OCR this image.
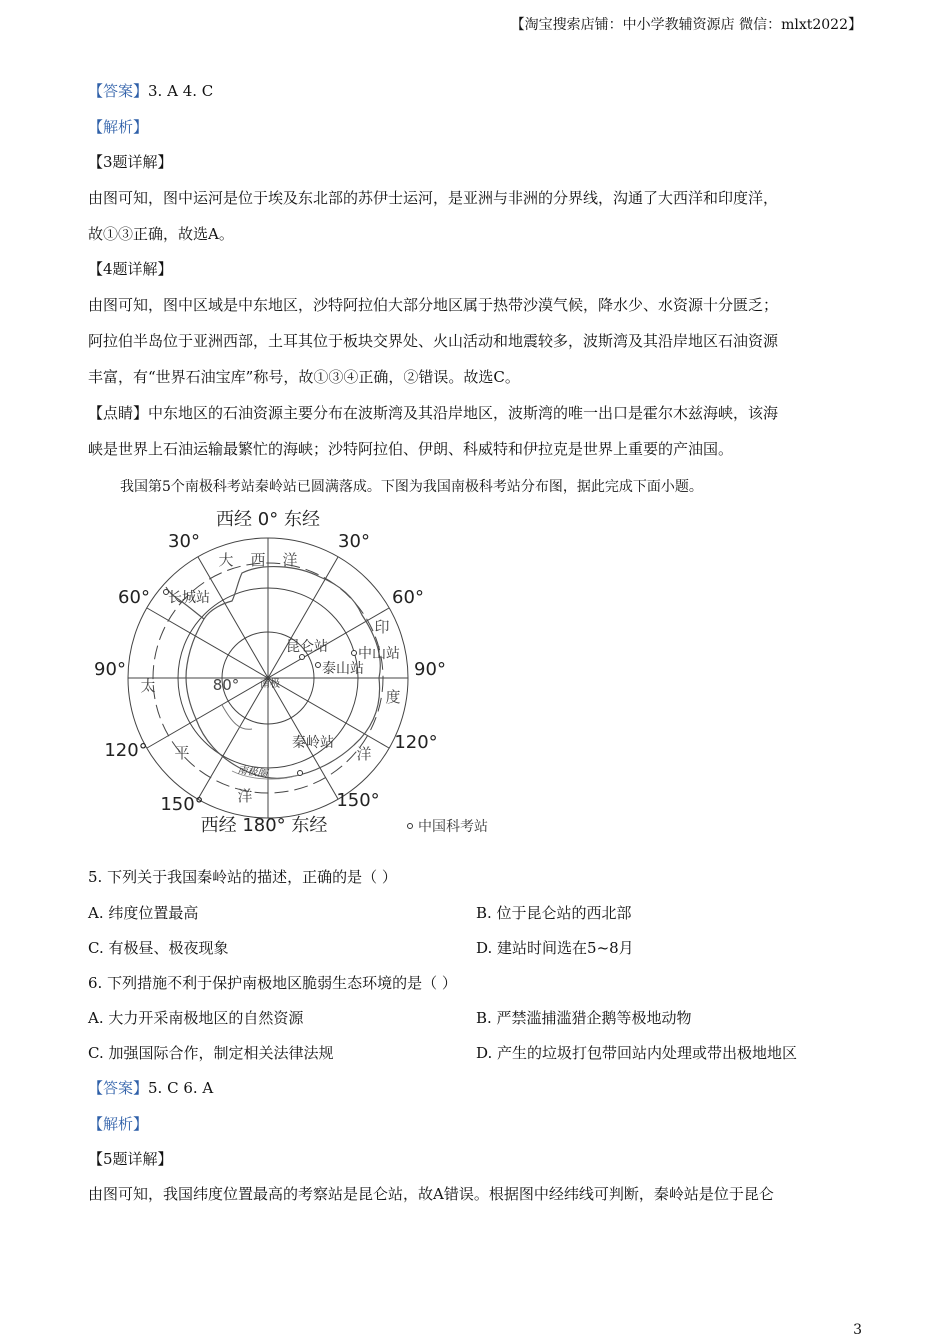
【淘宝搜索店铺：中小学教辅资源店 微信：mlxt2022】
【答案】3. A 4. C
【解析】
【3题详解】
由图可知，图中运河是位于埃及东北部的苏伊士运河，是亚洲与非洲的分界线，沟通了大西洋和印度洋，
故①③正确，故选A。
【4题详解】
由图可知，图中区域是中东地区，沙特阿拉伯大部分地区属于热带沙漠气候，降水少、水资源十分匮乏；
阿拉伯半岛位于亚洲西部，土耳其位于板块交界处、火山活动和地震较多，波斯湾及其沿岸地区石油资源
丰富，有“世界石油宝库”称号，故①③④正确，②错误。故选C。
【点睛】中东地区的石油资源主要分布在波斯湾及其沿岸地区，波斯湾的唯一出口是霍尔木兹海峡，该海
峡是世界上石油运输最繁忙的海峡；沙特阿拉伯、伊朗、科威特和伊拉克是世界上重要的产油国。
我国第5个南极科考站秦岭站已圆满落成。下图为我国南极科考站分布图，据此完成下面小题。
西经 0° 东经
西经 180° 东经
30°	30°
60°	60°
90°	90°
120°	120°
150°	150°
大 西 洋
太
平
洋
印
度
洋
80° 南极
南极圈
长城站
昆仑站 中山站
泰山站
秦岭站
中国科考站
5. 下列关于我国秦岭站的描述，正确的是（ ）
A. 纬度位置最高	B. 位于昆仑站的西北部
C. 有极昼、极夜现象	D. 建站时间选在5~8月
6. 下列措施不利于保护南极地区脆弱生态环境的是（ ）
A. 大力开采南极地区的自然资源	B. 严禁滥捕滥猎企鹅等极地动物
C. 加强国际合作，制定相关法律法规	D. 产生的垃圾打包带回站内处理或带出极地地区
【答案】5. C 6. A
【解析】
【5题详解】
由图可知，我国纬度位置最高的考察站是昆仑站，故A错误。根据图中经纬线可判断，秦岭站是位于昆仑
3
